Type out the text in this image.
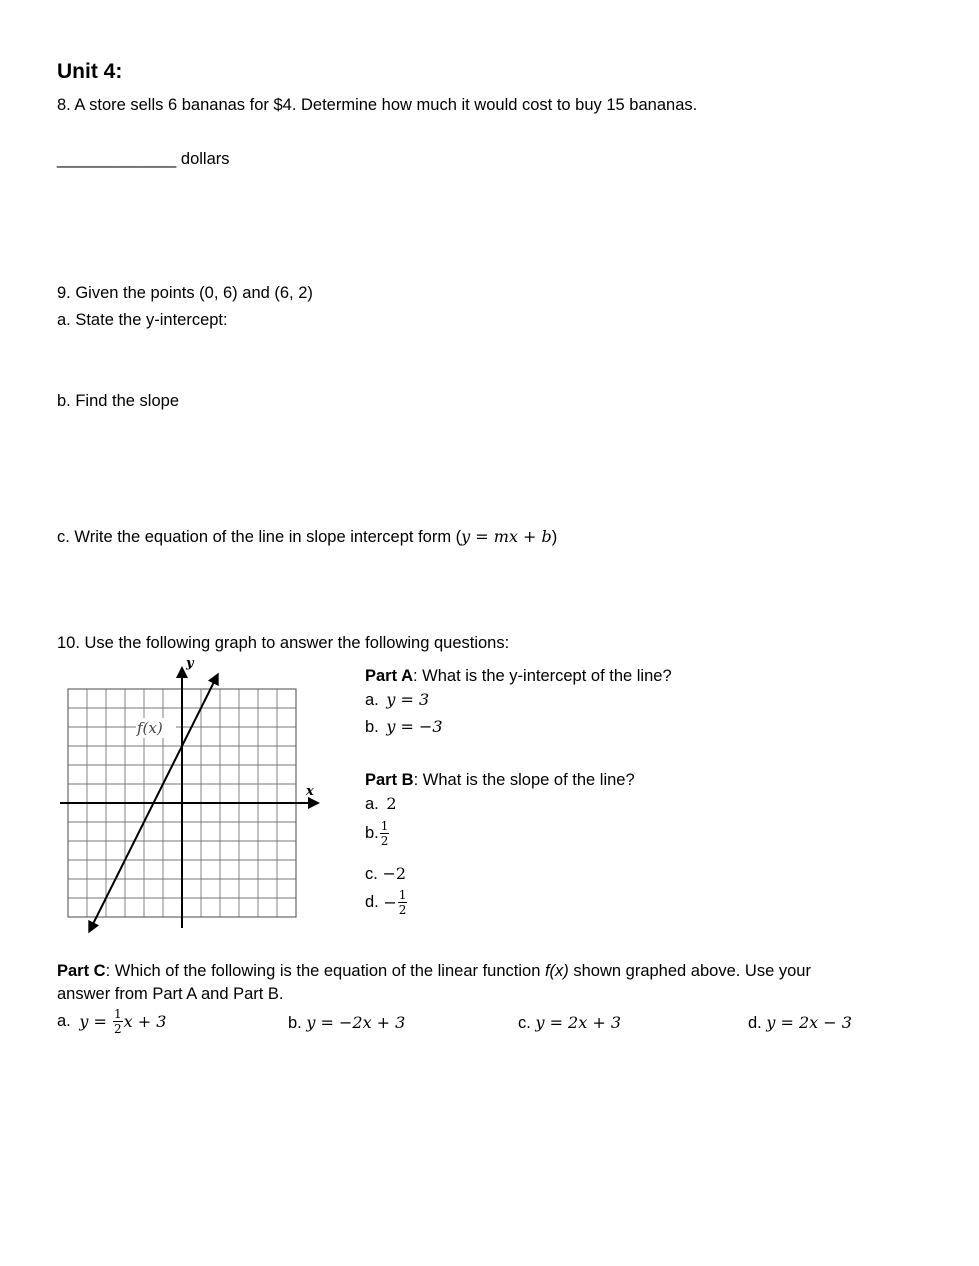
Unit 4:
8. A store sells 6 bananas for $4. Determine how much it would cost to buy 15 bananas.
_____________ dollars
9. Given the points (0, 6) and (6, 2)
a. State the y-intercept:
b. Find the slope
c. Write the equation of the line in slope intercept form (y = mx + b)
10. Use the following graph to answer the following questions:
f(x)
x
y
Part A: What is the y-intercept of the line?
a. y = 3
b. y = −3
Part B: What is the slope of the line?
a. 2
b. $\frac{1}{2}$
c. −2
d. − $\frac{1}{2}$
Part C: Which of the following is the equation of the linear function f(x) shown graphed above. Use your
answer from Part A and Part B.
a. $y = \frac{1}{2}$ x + 3	b. y = −2x + 3	c. y = 2x + 3	d. y = 2x − 3
